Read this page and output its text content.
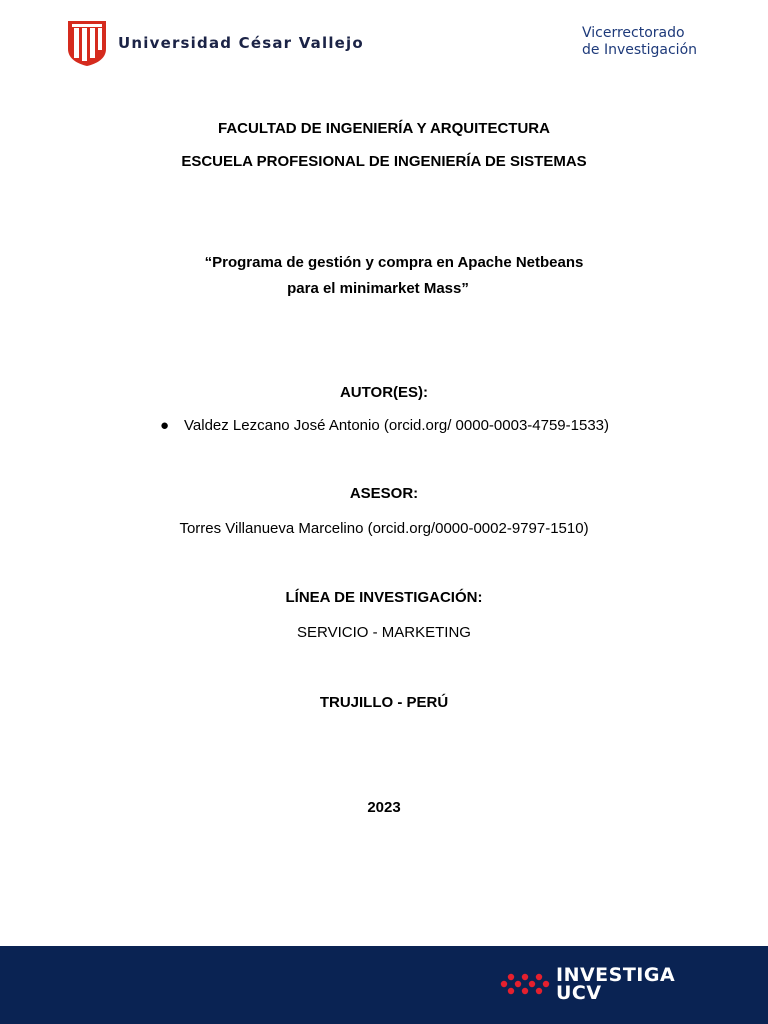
Universidad César Vallejo
Vicerrectorado
de Investigación
FACULTAD DE INGENIERÍA Y ARQUITECTURA
ESCUELA PROFESIONAL DE INGENIERÍA DE SISTEMAS
“Programa de gestión y compra en Apache Netbeans
para el minimarket Mass”
AUTOR(ES):
● Valdez Lezcano José Antonio (orcid.org/ 0000-0003-4759-1533)
ASESOR:
Torres Villanueva Marcelino (orcid.org/0000-0002-9797-1510)
LÍNEA DE INVESTIGACIÓN:
SERVICIO - MARKETING
TRUJILLO - PERÚ
2023
INVESTIGA
UCV
